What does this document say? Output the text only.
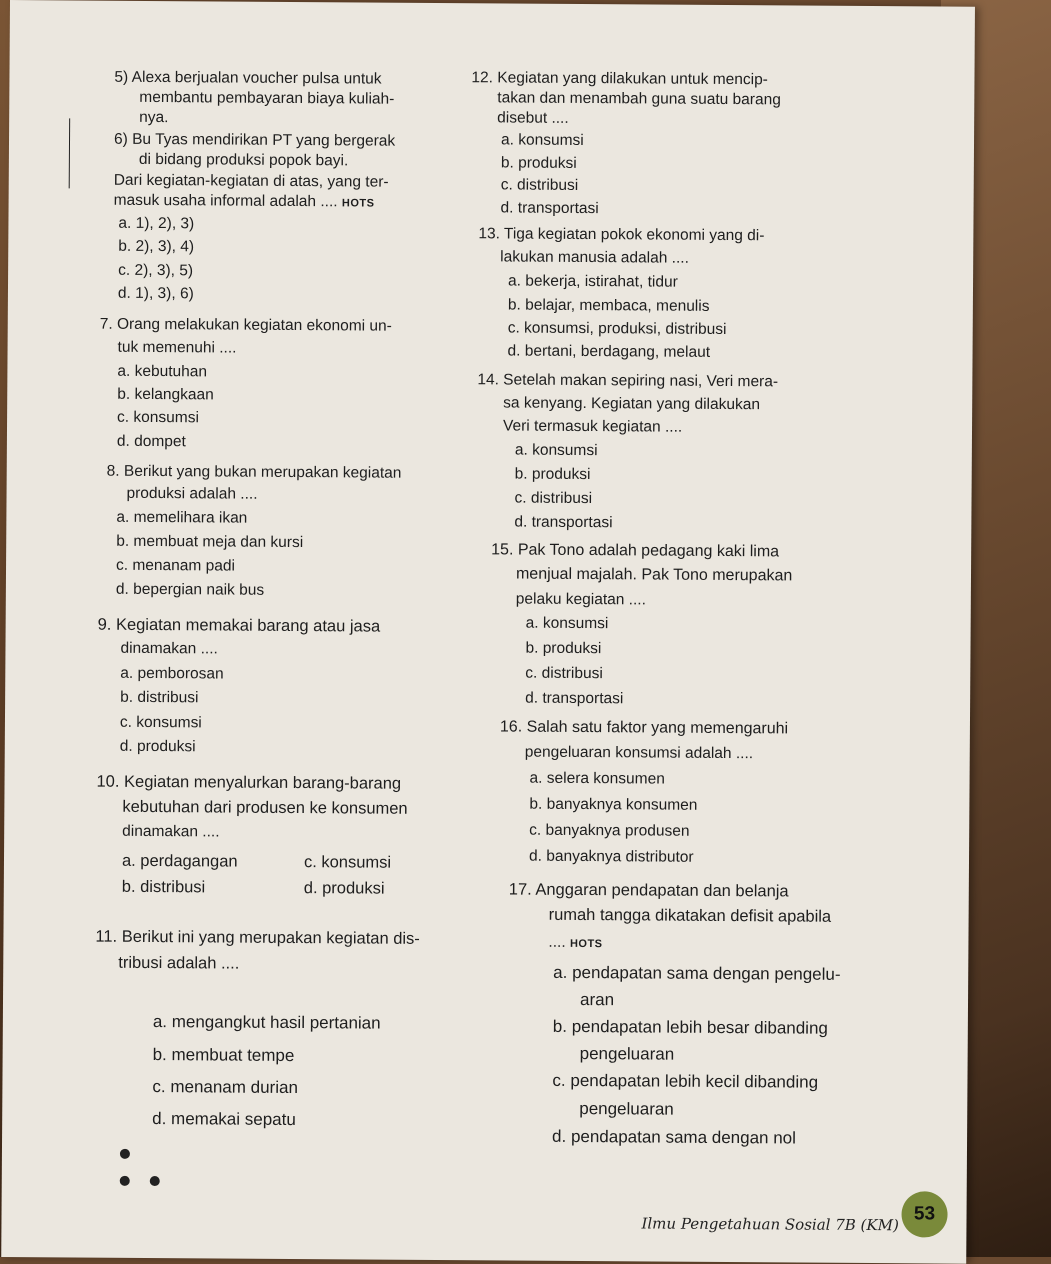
5) Alexa berjualan voucher pulsa untuk
membantu pembayaran biaya kuliah-
nya.
6) Bu Tyas mendirikan PT yang bergerak
di bidang produksi popok bayi.
Dari kegiatan-kegiatan di atas, yang ter-
masuk usaha informal adalah .... HOTS
a. 1), 2), 3)
b. 2), 3), 4)
c. 2), 3), 5)
d. 1), 3), 6)
7. Orang melakukan kegiatan ekonomi un-
tuk memenuhi ....
a. kebutuhan
b. kelangkaan
c. konsumsi
d. dompet
8. Berikut yang bukan merupakan kegiatan
produksi adalah ....
a. memelihara ikan
b. membuat meja dan kursi
c. menanam padi
d. bepergian naik bus
9. Kegiatan memakai barang atau jasa
dinamakan ....
a. pemborosan
b. distribusi
c. konsumsi
d. produksi
10. Kegiatan menyalurkan barang-barang
kebutuhan dari produsen ke konsumen
dinamakan ....
a. perdagangan
b. distribusi
c. konsumsi
d. produksi
11. Berikut ini yang merupakan kegiatan dis-
tribusi adalah ....
a. mengangkut hasil pertanian
b. membuat tempe
c. menanam durian
d. memakai sepatu
12. Kegiatan yang dilakukan untuk mencip-
takan dan menambah guna suatu barang
disebut ....
a. konsumsi
b. produksi
c. distribusi
d. transportasi
13. Tiga kegiatan pokok ekonomi yang di-
lakukan manusia adalah ....
a. bekerja, istirahat, tidur
b. belajar, membaca, menulis
c. konsumsi, produksi, distribusi
d. bertani, berdagang, melaut
14. Setelah makan sepiring nasi, Veri mera-
sa kenyang. Kegiatan yang dilakukan
Veri termasuk kegiatan ....
a. konsumsi
b. produksi
c. distribusi
d. transportasi
15. Pak Tono adalah pedagang kaki lima
menjual majalah. Pak Tono merupakan
pelaku kegiatan ....
a. konsumsi
b. produksi
c. distribusi
d. transportasi
16. Salah satu faktor yang memengaruhi
pengeluaran konsumsi adalah ....
a. selera konsumen
b. banyaknya konsumen
c. banyaknya produsen
d. banyaknya distributor
17. Anggaran pendapatan dan belanja
rumah tangga dikatakan defisit apabila
.... HOTS
a. pendapatan sama dengan pengelu-
aran
b. pendapatan lebih besar dibanding
pengeluaran
c. pendapatan lebih kecil dibanding
pengeluaran
d. pendapatan sama dengan nol
Ilmu Pengetahuan Sosial 7B (KM) 53
